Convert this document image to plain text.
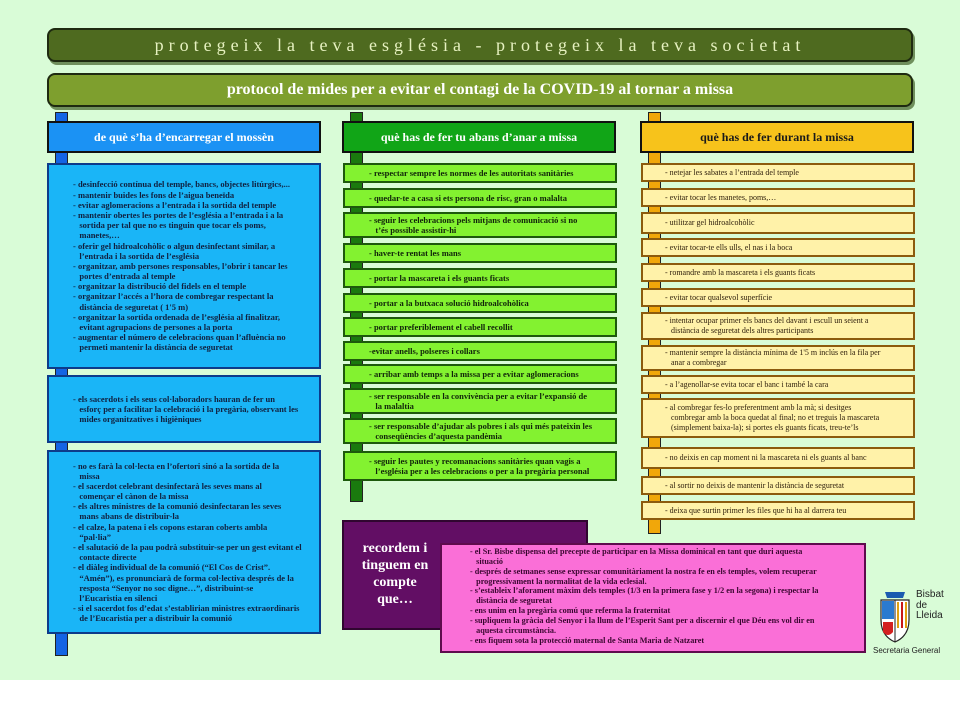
protegeix la teva església - protegeix la teva societat
protocol de mides per a evitar el contagi de la COVID-19 al tornar a missa
de què s’ha d’encarregar el mossèn	què has de fer tu abans d’anar a missa	què has de fer durant la missa
- desinfecció contínua del temple, bancs, objectes litúrgics,...
- mantenir buides les fons de l’aigua beneïda
- evitar aglomeracions a l’entrada i la sortida del temple
- mantenir obertes les portes de l’església a l’entrada i a la
sortida per tal que no es tinguin que tocar els poms,
manetes,…
- oferir gel hidroalcohòlic o algun desinfectant similar, a
l’entrada i la sortida de l’església
- organitzar, amb persones responsables, l’obrir i tancar les
portes d’entrada al temple
- organitzar la distribució del fidels en el temple
- organitzar l’accés a l’hora de combregar respectant la
distància de seguretat ( 1'5 m)
- organitzar la sortida ordenada de l’església al finalitzar,
evitant agrupacions de persones a la porta
- augmentar el número de celebracions quan l’afluència no
permeti mantenir la distància de seguretat
- els sacerdots i els seus col·laboradors hauran de fer un
esforç per a facilitar la celebració i la pregària, observant les
mides organitzatives i higièniques
- no es farà la col·lecta en l’ofertori sinó a la sortida de la
missa
- el sacerdot celebrant desinfectarà les seves mans al
començar el cànon de la missa
- els altres ministres de la comunió desinfectaran les seves
mans abans de distribuir-la
- el calze, la patena i els copons estaran coberts ambla
“pal·lia”
- el salutació de la pau podrà substituir-se per un gest evitant el
contacte directe
- el diàleg individual de la comunió (“El Cos de Crist”.
“Amén”), es pronunciarà de forma col·lectiva després de la
resposta “Senyor no soc digne…”, distribuint-se
l’Eucaristia en silenci
- si el sacerdot fos d’edat s’establirian ministres extraordinaris
de l’Eucaristia per a distribuir la comunió
- respectar sempre les normes de les autoritats sanitàries
- quedar-te a casa si ets persona de risc, gran o malalta
- seguir les celebracions pels mitjans de comunicació si no
t’és possible assistir-hi
- haver-te rentat les mans
- portar la mascareta i els guants ficats
- portar a la butxaca solució hidroalcohòlica
- portar preferiblement el cabell recollit
-evitar anells, polseres i collars
- arribar amb temps a la missa per a evitar aglomeracions
- ser responsable en la convivència per a evitar l’expansió de
la malaltia
- ser responsable d’ajudar als pobres i als qui més pateixin les
conseqüències d’aquesta pandèmia
- seguir les pautes y recomanacions sanitàries quan vagis a
l’església per a les celebracions o per a la pregària personal
- netejar les sabates a l’entrada del temple
- evitar tocar les manetes, poms,…
- utilitzar gel hidroalcohòlic
- evitar tocar-te ells ulls, el nas i la boca
- romandre amb la mascareta i els guants ficats
- evitar tocar qualsevol superfície
- intentar ocupar primer els bancs del davant i escull un seient a
distància de seguretat dels altres participants
- mantenir sempre la distància mínima de 1'5 m inclús en la fila per
anar a combregar
- a l’agenollar-se evita tocar el banc i també la cara
- al combregar fes-lo preferentment amb la mà; si desitges
combregar amb la boca quedat al final; no et treguis la mascareta
(simplement baixa-la); si portes els guants ficats, treu-te’ls
- no deixis en cap moment ni la mascareta ni els guants al banc
- al sortir no deixis de mantenir la distància de seguretat
- deixa que surtin primer les files que hi ha al darrera teu
recordem i tinguem en compte que…
- el Sr. Bisbe dispensa del precepte de participar en la Missa dominical en tant que duri aquesta
situació
- després de setmanes sense expressar comunitàriament la nostra fe en els temples, volem recuperar
progressivament la normalitat de la vida eclesial.
- s’estableix l’aforament màxim dels temples (1/3 en la primera fase y 1/2 en la segona) i respectar la
distància de seguretat
- ens unim en la pregària comú que referma la fraternitat
- supliquem la gràcia del Senyor i la llum de l’Esperit Sant per a discernir el que Déu ens vol dir en
aquesta circumstància.
- ens fiquem sota la protecció maternal de Santa Maria de Natzaret
Bisbat
de
Lleida
Secretaria General
